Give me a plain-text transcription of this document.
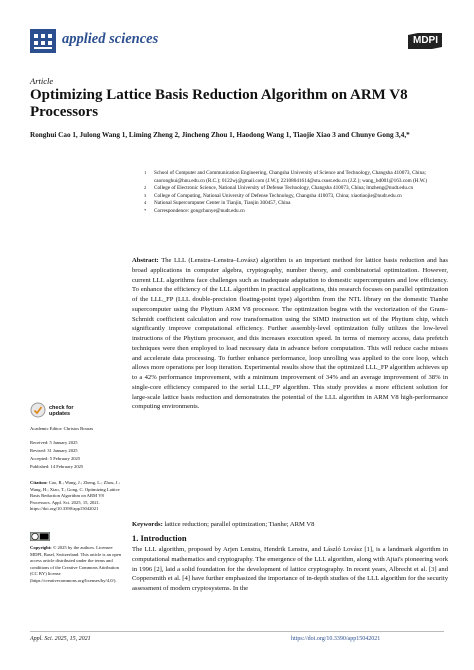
applied sciences	MDPI
Article
Optimizing Lattice Basis Reduction Algorithm on ARM V8 Processors
Ronghui Cao 1, Julong Wang 1, Liming Zheng 2, Jincheng Zhou 1, Haodong Wang 1, Tiaojie Xiao 3 and Chunye Gong 3,4,*
1 School of Computer and Communication Engineering, Changsha University of Science and Technology, Changsha 410073, China; caoronghui@hnu.edu.cn (R.C.); 0122wj@gmail.com (J.W.); 22108041614@stu.csust.edu.cn (J.Z.); wang_hd001@163.com (H.W.)
2 College of Electronic Science, National University of Defense Technology, Changsha 410073, China; lmzheng@nudt.edu.cn
3 College of Computing, National University of Defense Technology, Changsha 410073, China; xiaotiaojie@nudt.edu.cn
4 National Supercomputer Center in Tianjin, Tianjin 300457, China
* Correspondence: gongchunye@nudt.edu.cn
Abstract: The LLL (Lenstra–Lenstra–Lovász) algorithm is an important method for lattice basis reduction and has broad applications in computer algebra, cryptography, number theory, and combinatorial optimization. However, current LLL algorithms face challenges such as inadequate adaptation to domestic supercomputers and low efficiency. To enhance the efficiency of the LLL algorithm in practical applications, this research focuses on parallel optimization of the LLL_FP (LLL double-precision floating-point type) algorithm from the NTL library on the domestic Tianhe supercomputer using the Phytium ARM V8 processor. The optimization begins with the vectorization of the Gram–Schmidt coefficient calculation and row transformation using the SIMD instruction set of the Phytium chip, which significantly improve computational efficiency. Further assembly-level optimization fully utilizes the low-level instructions of the Phytium processor, and this increases execution speed. In terms of memory access, data prefetch techniques were then employed to load necessary data in advance before computation. This will reduce cache misses and accelerate data processing. To further enhance performance, loop unrolling was applied to the core loop, which allows more operations per loop iteration. Experimental results show that the optimized LLL_FP algorithm achieves up to a 42% performance improvement, with a minimum improvement of 34% and an average improvement of 38% in single-core efficiency compared to the serial LLL_FP algorithm. This study provides a more efficient solution for large-scale lattice basis reduction and demonstrates the potential of the LLL algorithm in ARM V8 high-performance computing environments.
Keywords: lattice reduction; parallel optimization; Tianhe; ARM V8
check for updates
Academic Editor: Christos Bouras
Received: 5 January 2025
Revised: 31 January 2025
Accepted: 5 February 2025
Published: 14 February 2025
Citation: Cao, R.; Wang, J.; Zheng, L.; Zhou, J.; Wang, H.; Xiao, T.; Gong, C. Optimizing Lattice Basis Reduction Algorithm on ARM V8 Processors. Appl. Sci. 2025, 15, 2021. https://doi.org/10.3390/app15042021
Copyright: © 2025 by the authors. Licensee MDPI, Basel, Switzerland. This article is an open access article distributed under the terms and conditions of the Creative Commons Attribution (CC BY) license (https://creativecommons.org/licenses/by/4.0/).
1. Introduction
The LLL algorithm, proposed by Arjen Lenstra, Hendrik Lenstra, and László Lovász [1], is a landmark algorithm in computational mathematics and cryptography. The emergence of the LLL algorithm, along with Ajtai's pioneering work in 1996 [2], laid a solid foundation for the development of lattice cryptography. In recent years, Albrecht et al. [3] and Coppersmith et al. [4] have further emphasized the importance of in-depth studies of the LLL algorithm for the security assessment of modern cryptosystems. In the
Appl. Sci. 2025, 15, 2021	https://doi.org/10.3390/app15042021
